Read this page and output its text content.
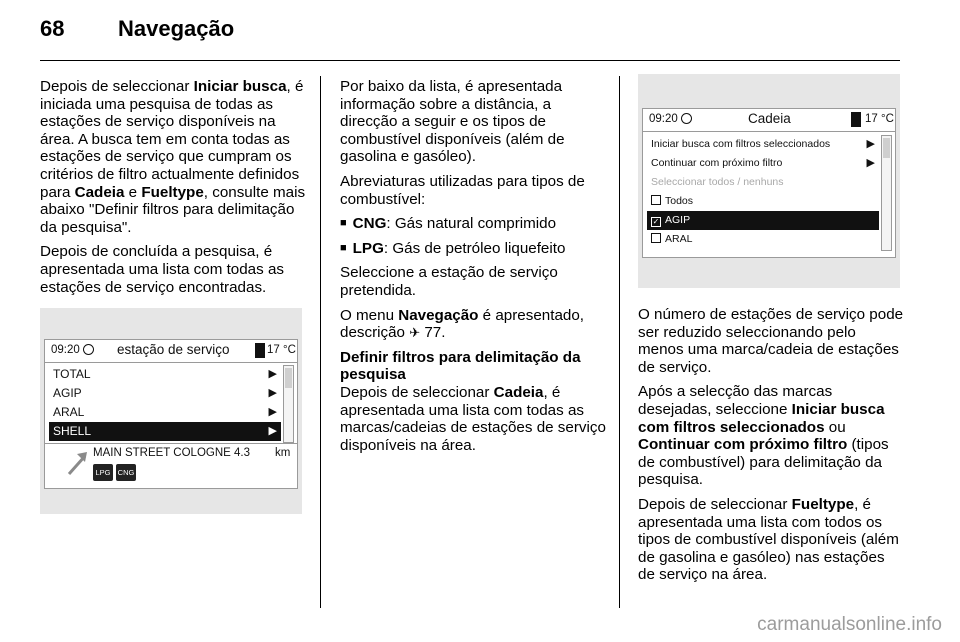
68 Navegação

Depois de seleccionar Iniciar busca, é iniciada uma pesquisa de todas as estações de serviço disponíveis na área. A busca tem em conta todas as estações de serviço que cumpram os critérios de filtro actualmente definidos para Cadeia e Fueltype, consulte mais abaixo "Definir filtros para delimitação da pesquisa".

Depois de concluída a pesquisa, é apresentada uma lista com todas as estações de serviço encontradas.

09:20	estação de serviço	17 °C
TOTAL	▶
AGIP	▶
ARAL	▶
SHELL	▶
MAIN STREET COLOGNE 4.3 km
LPG CNG

Por baixo da lista, é apresentada informação sobre a distância, a direcção a seguir e os tipos de combustível disponíveis (além de gasolina e gasóleo).

Abreviaturas utilizadas para tipos de combustível:

■ CNG: Gás natural comprimido

■ LPG: Gás de petróleo liquefeito

Seleccione a estação de serviço pretendida.

O menu Navegação é apresentado, descrição ✈ 77.

Definir filtros para delimitação da pesquisa

Depois de seleccionar Cadeia, é apresentada uma lista com todas as marcas/cadeias de estações de serviço disponíveis na área.

09:20	Cadeia	17 °C
Iniciar busca com filtros seleccionados	▶
Continuar com próximo filtro	▶
Seleccionar todos / nenhuns
Todos
✓ AGIP
ARAL

O número de estações de serviço pode ser reduzido seleccionando pelo menos uma marca/cadeia de estações de serviço.

Após a selecção das marcas desejadas, seleccione Iniciar busca com filtros seleccionados ou Continuar com próximo filtro (tipos de combustível) para delimitação da pesquisa.

Depois de seleccionar Fueltype, é apresentada uma lista com todos os tipos de combustível disponíveis (além de gasolina e gasóleo) nas estações de serviço na área.

carmanualsonline.info
